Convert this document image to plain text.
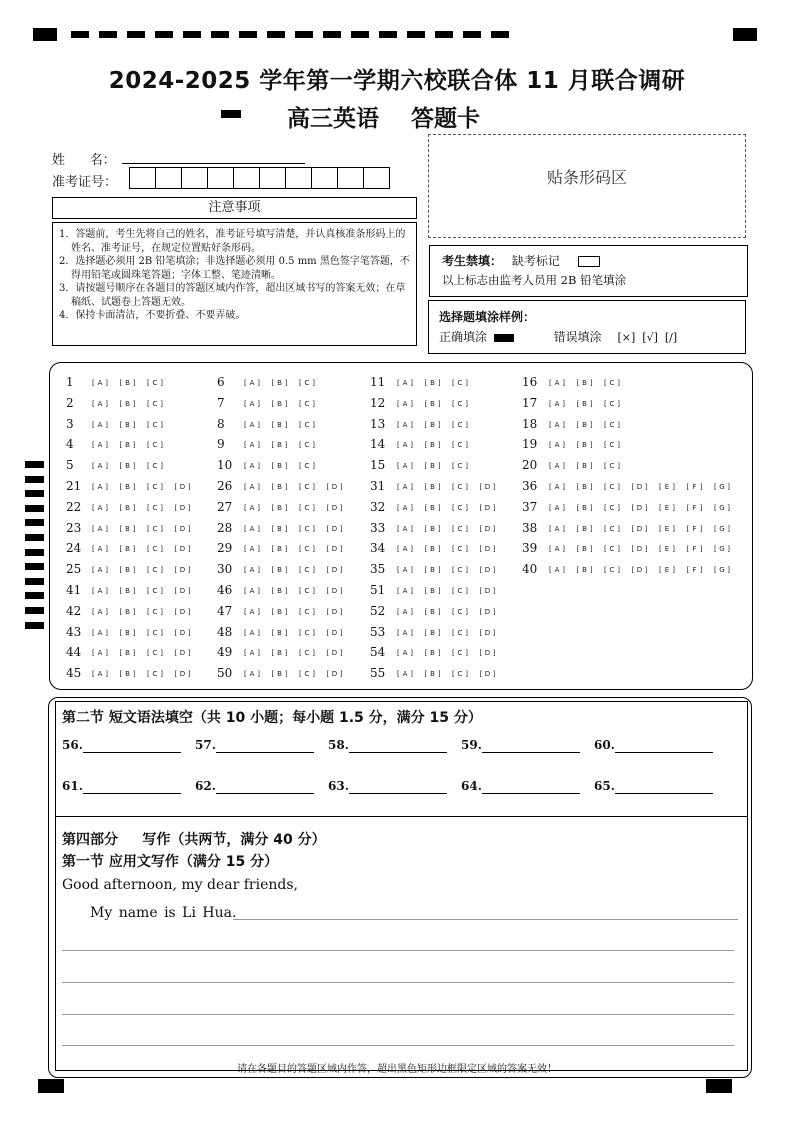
2024-2025 学年第一学期六校联合体 11 月联合调研
高三英语    答题卡
姓      名：
准考证号：
注意事项
1．答题前，考生先将自己的姓名，准考证号填写清楚，并认真核准条形码上的姓名、准考证号，在规定位置贴好条形码。
2．选择题必须用 2B 铅笔填涂；非选择题必须用 0.5 mm 黑色签字笔答题，不得用铅笔或圆珠笔答题；字体工整、笔迹清晰。
3．请按题号顺序在各题目的答题区域内作答，超出区域书写的答案无效；在草稿纸、试题卷上答题无效。
4．保持卡面清洁，不要折叠、不要弄破。
贴条形码区
考生禁填： 缺考标记
以上标志由监考人员用 2B 铅笔填涂
选择题填涂样例：
正确填涂	错误填涂 [×]  [√]  [/]
1	[ A ]	[ B ]	[ C ]	6	[ A ]	[ B ]	[ C ]	11	[ A ]	[ B ]	[ C ]	16	[ A ]	[ B ]	[ C ]
2	[ A ]	[ B ]	[ C ]	7	[ A ]	[ B ]	[ C ]	12	[ A ]	[ B ]	[ C ]	17	[ A ]	[ B ]	[ C ]
3	[ A ]	[ B ]	[ C ]	8	[ A ]	[ B ]	[ C ]	13	[ A ]	[ B ]	[ C ]	18	[ A ]	[ B ]	[ C ]
4	[ A ]	[ B ]	[ C ]	9	[ A ]	[ B ]	[ C ]	14	[ A ]	[ B ]	[ C ]	19	[ A ]	[ B ]	[ C ]
5	[ A ]	[ B ]	[ C ]	10	[ A ]	[ B ]	[ C ]	15	[ A ]	[ B ]	[ C ]	20	[ A ]	[ B ]	[ C ]
21	[ A ]	[ B ]	[ C ]	[ D ]	26	[ A ]	[ B ]	[ C ]	[ D ]	31	[ A ]	[ B ]	[ C ]	[ D ]	36	[ A ]	[ B ]	[ C ]	[ D ]	[ E ]	[ F ]	[ G ]
22	[ A ]	[ B ]	[ C ]	[ D ]	27	[ A ]	[ B ]	[ C ]	[ D ]	32	[ A ]	[ B ]	[ C ]	[ D ]	37	[ A ]	[ B ]	[ C ]	[ D ]	[ E ]	[ F ]	[ G ]
23	[ A ]	[ B ]	[ C ]	[ D ]	28	[ A ]	[ B ]	[ C ]	[ D ]	33	[ A ]	[ B ]	[ C ]	[ D ]	38	[ A ]	[ B ]	[ C ]	[ D ]	[ E ]	[ F ]	[ G ]
24	[ A ]	[ B ]	[ C ]	[ D ]	29	[ A ]	[ B ]	[ C ]	[ D ]	34	[ A ]	[ B ]	[ C ]	[ D ]	39	[ A ]	[ B ]	[ C ]	[ D ]	[ E ]	[ F ]	[ G ]
25	[ A ]	[ B ]	[ C ]	[ D ]	30	[ A ]	[ B ]	[ C ]	[ D ]	35	[ A ]	[ B ]	[ C ]	[ D ]	40	[ A ]	[ B ]	[ C ]	[ D ]	[ E ]	[ F ]	[ G ]
41	[ A ]	[ B ]	[ C ]	[ D ]	46	[ A ]	[ B ]	[ C ]	[ D ]	51	[ A ]	[ B ]	[ C ]	[ D ]
42	[ A ]	[ B ]	[ C ]	[ D ]	47	[ A ]	[ B ]	[ C ]	[ D ]	52	[ A ]	[ B ]	[ C ]	[ D ]
43	[ A ]	[ B ]	[ C ]	[ D ]	48	[ A ]	[ B ]	[ C ]	[ D ]	53	[ A ]	[ B ]	[ C ]	[ D ]
44	[ A ]	[ B ]	[ C ]	[ D ]	49	[ A ]	[ B ]	[ C ]	[ D ]	54	[ A ]	[ B ]	[ C ]	[ D ]
45	[ A ]	[ B ]	[ C ]	[ D ]	50	[ A ]	[ B ]	[ C ]	[ D ]	55	[ A ]	[ B ]	[ C ]	[ D ]
第二节 短文语法填空（共 10 小题；每小题 1.5 分，满分 15 分）
56.	57.	58.	59.	60.
61.	62.	63.	64.	65.
第四部分     写作（共两节，满分 40 分）
第一节 应用文写作（满分 15 分）
Good afternoon, my dear friends,
My name is Li Hua.
请在各题目的答题区域内作答，超出黑色矩形边框限定区域的答案无效！
